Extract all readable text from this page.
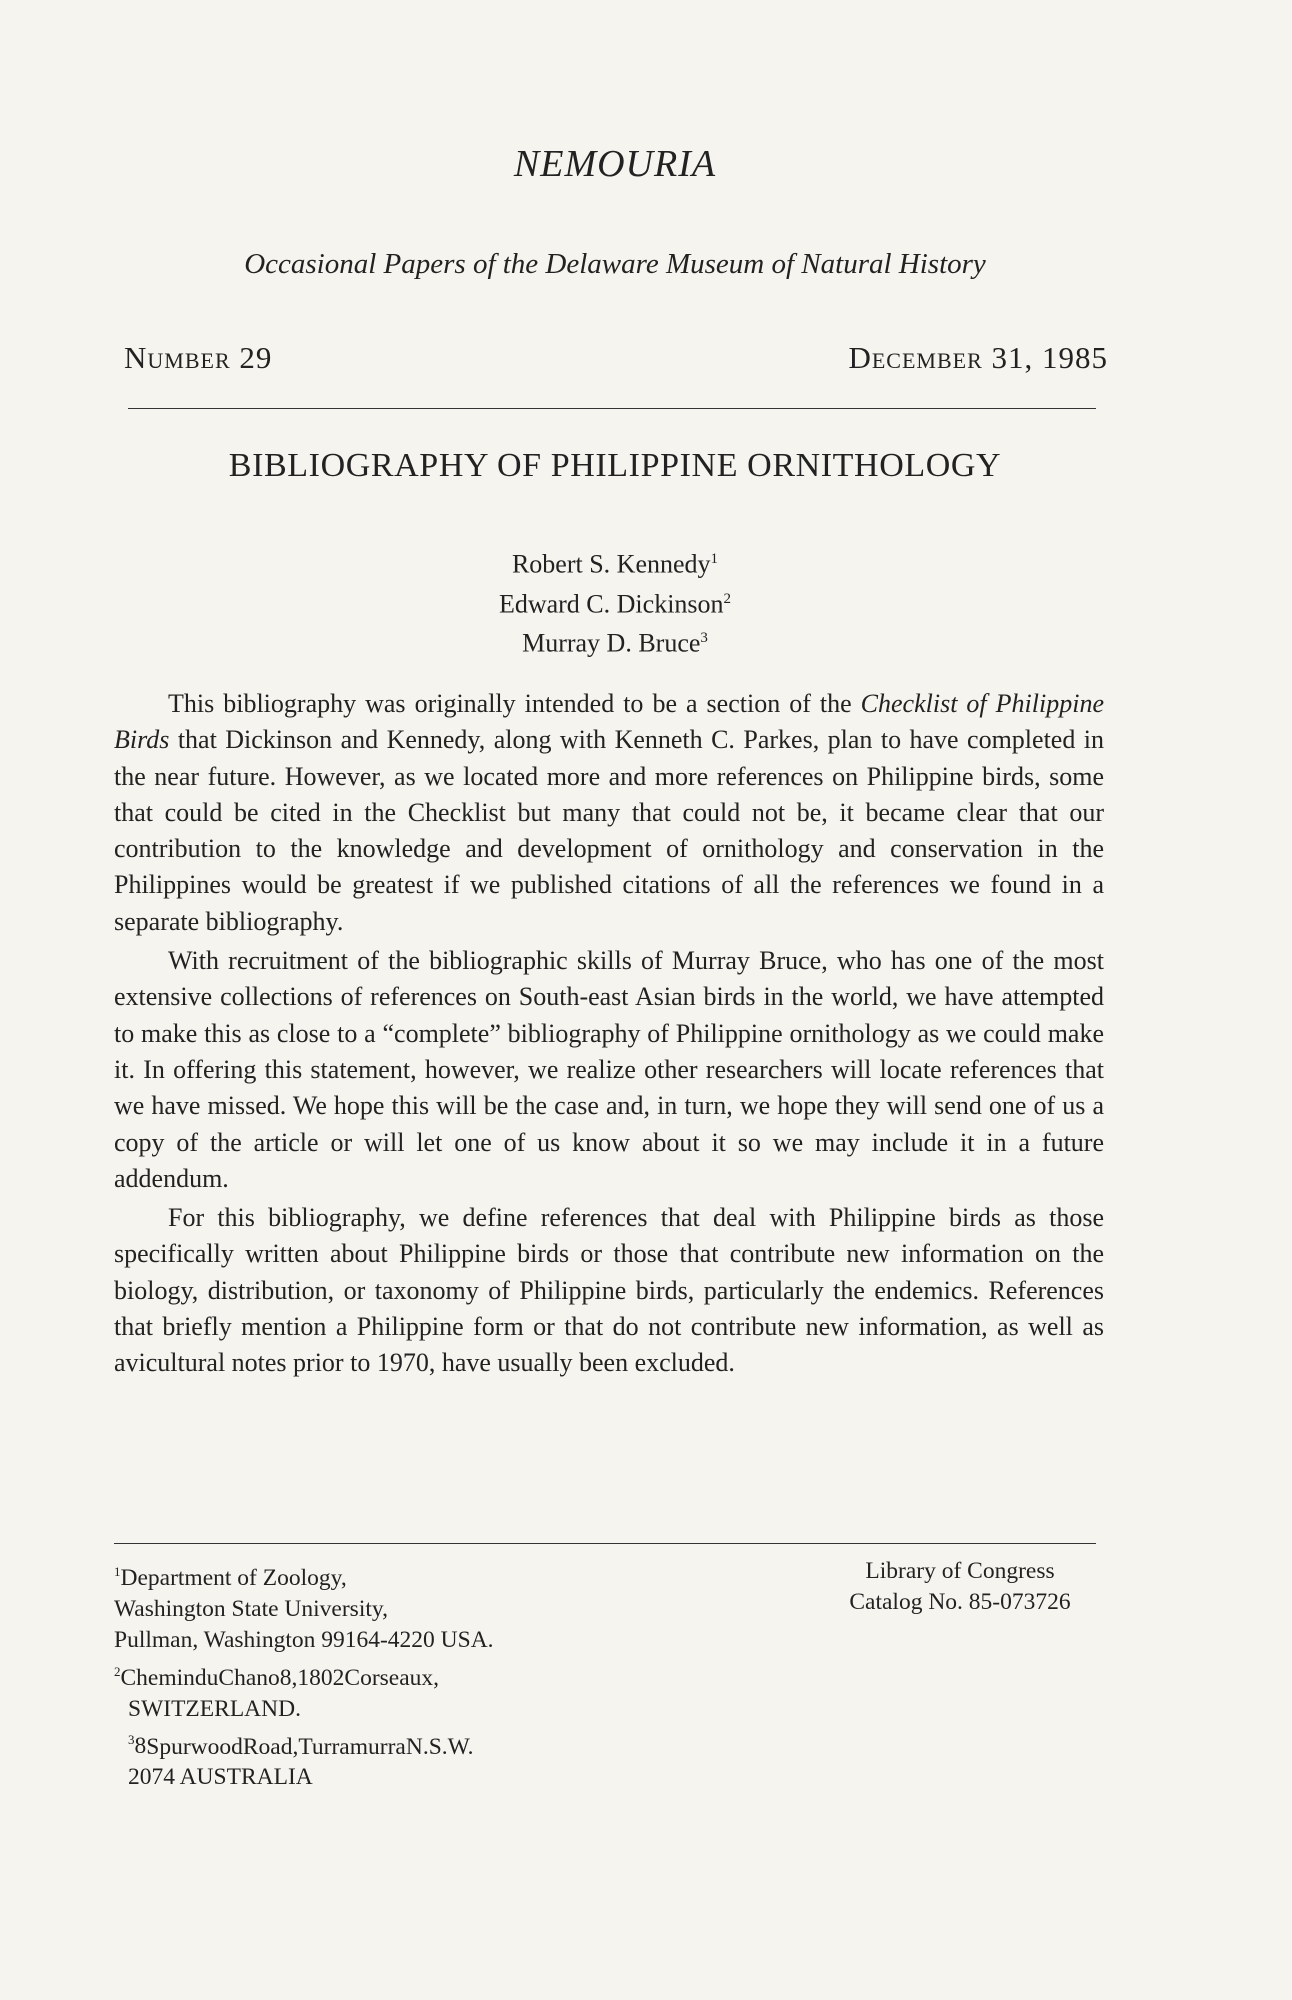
NEMOURIA
Occasional Papers of the Delaware Museum of Natural History
Number 29	December 31, 1985
BIBLIOGRAPHY OF PHILIPPINE ORNITHOLOGY
Robert S. Kennedy$^1$
Edward C. Dickinson$^2$
Murray D. Bruce$^3$

This bibliography was originally intended to be a section of the Checklist of Philippine Birds that Dickinson and Kennedy, along with Kenneth C. Parkes, plan to have completed in the near future. However, as we located more and more references on Philippine birds, some that could be cited in the Checklist but many that could not be, it became clear that our contribution to the knowledge and development of ornithology and conservation in the Philippines would be greatest if we published citations of all the references we found in a separate bibliography.

With recruitment of the bibliographic skills of Murray Bruce, who has one of the most extensive collections of references on South-east Asian birds in the world, we have attempted to make this as close to a “complete” bibliography of Philippine ornithology as we could make it. In offering this statement, however, we realize other researchers will locate references that we have missed. We hope this will be the case and, in turn, we hope they will send one of us a copy of the article or will let one of us know about it so we may include it in a future addendum.

For this bibliography, we define references that deal with Philippine birds as those specifically written about Philippine birds or those that contribute new information on the biology, distribution, or taxonomy of Philippine birds, particularly the endemics. References that briefly mention a Philippine form or that do not contribute new information, as well as avicultural notes prior to 1970, have usually been excluded.

$^1$Department of Zoology,
Washington State University,
Pullman, Washington 99164-4220 USA.
$^2$CheminduChano8,1802Corseaux,
SWITZERLAND.
$^3$8SpurwoodRoad,TurramurraN.S.W.
2074 AUSTRALIA
Library of Congress
Catalog No. 85-073726
